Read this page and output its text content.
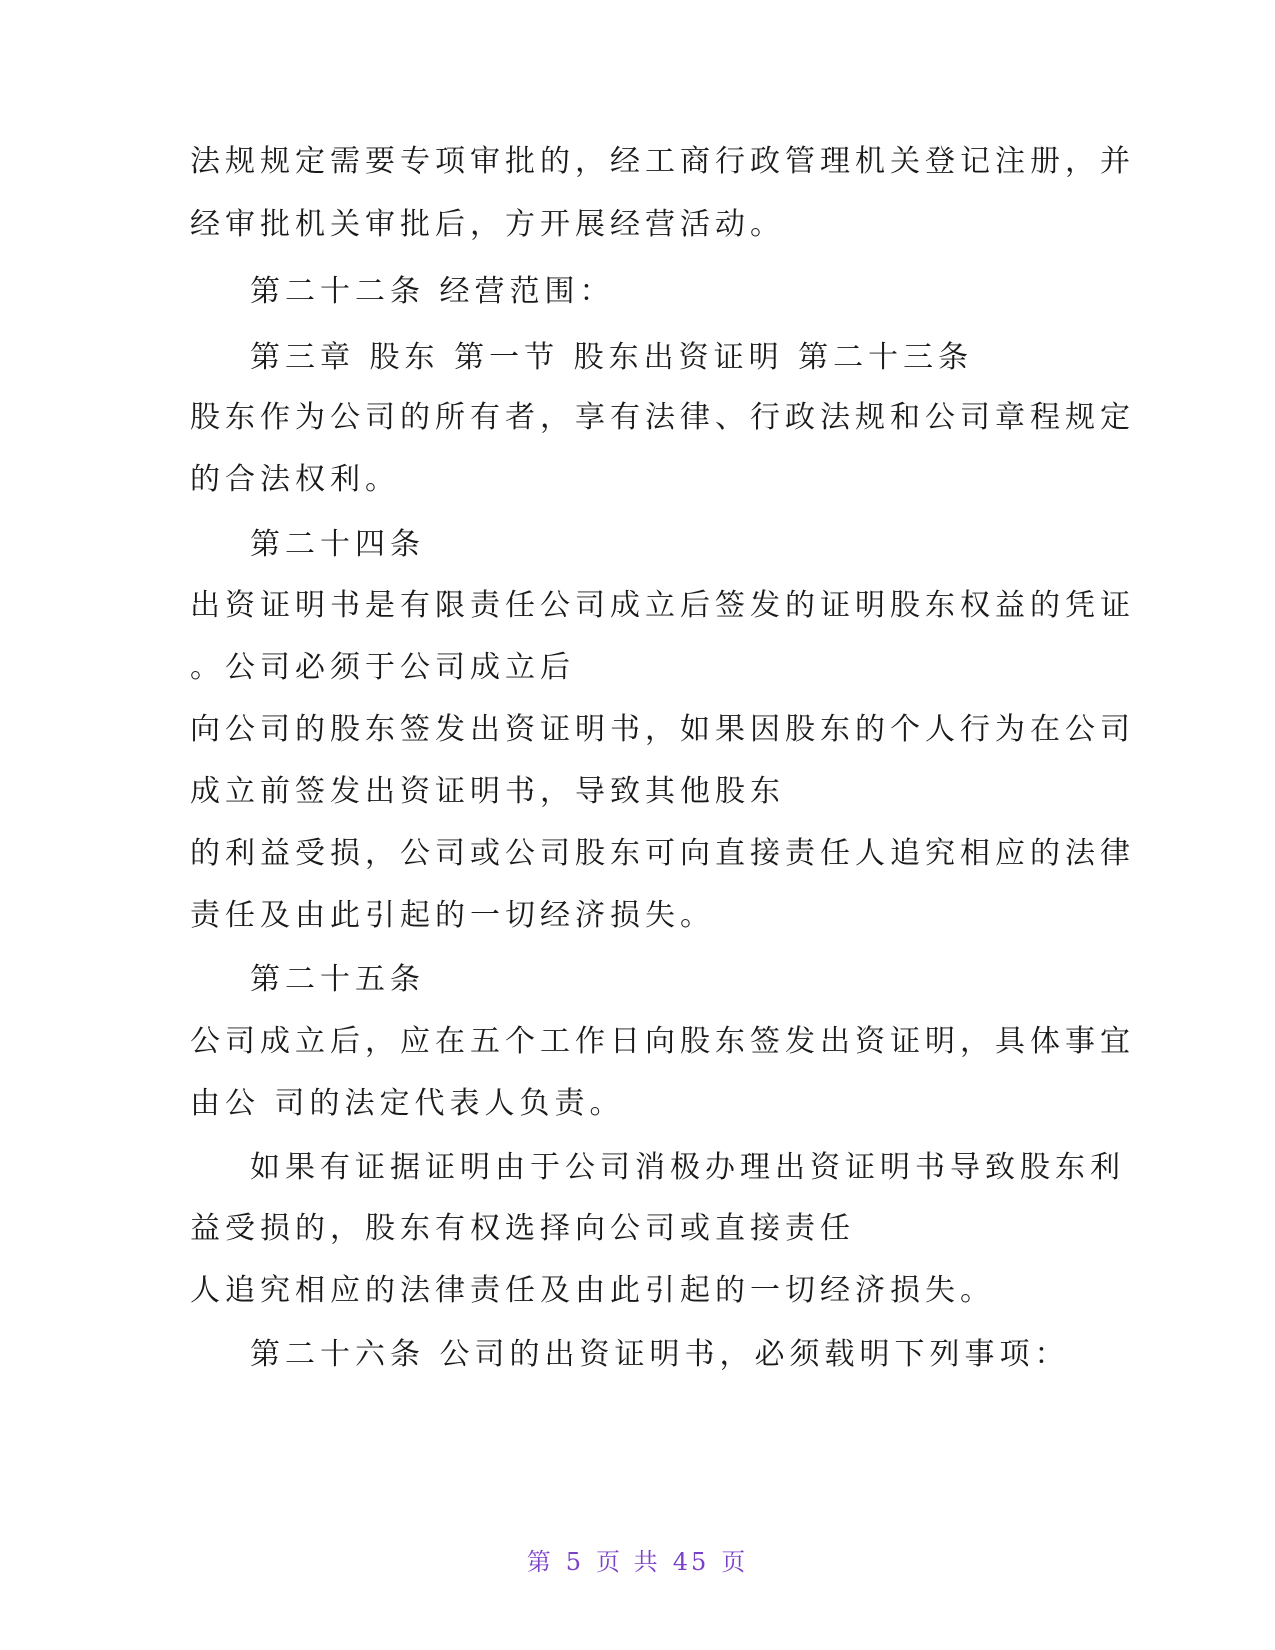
法规规定需要专项审批的，经工商行政管理机关登记注册，并
经审批机关审批后，方开展经营活动。
第二十二条 经营范围：
第三章 股东 第一节 股东出资证明 第二十三条
股东作为公司的所有者，享有法律、行政法规和公司章程规定
的合法权利。
第二十四条
出资证明书是有限责任公司成立后签发的证明股东权益的凭证
。公司必须于公司成立后
向公司的股东签发出资证明书，如果因股东的个人行为在公司
成立前签发出资证明书，导致其他股东
的利益受损，公司或公司股东可向直接责任人追究相应的法律
责任及由此引起的一切经济损失。
第二十五条
公司成立后，应在五个工作日向股东签发出资证明，具体事宜
由公 司的法定代表人负责。
如果有证据证明由于公司消极办理出资证明书导致股东利
益受损的，股东有权选择向公司或直接责任
人追究相应的法律责任及由此引起的一切经济损失。
第二十六条 公司的出资证明书，必须载明下列事项：
第 5 页 共 45 页
